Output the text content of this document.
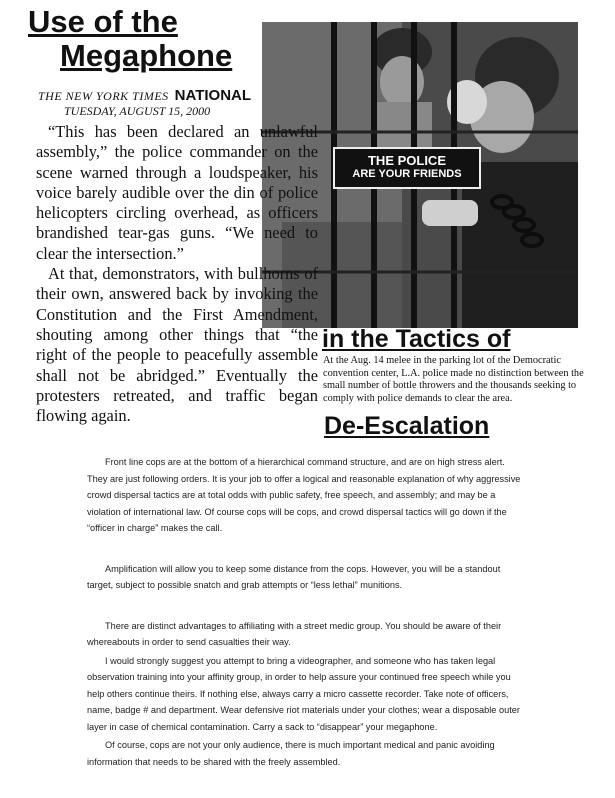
Use of the
Megaphone
THE POLICE
ARE YOUR FRIENDS
THE NEW YORK TIMES NATIONAL
TUESDAY, AUGUST 15, 2000

“This has been declared an unlawful assembly,” the police commander on the scene warned through a loudspeaker, his voice barely audible over the din of police helicopters circling overhead, as officers brandished tear-gas guns. “We need to clear the intersection.”

At that, demonstrators, with bullhorns of their own, answered back by invoking the Constitution and the First Amendment, shouting among other things that “the right of the people to peacefully assemble shall not be abridged.” Eventually the protesters retreated, and traffic began flowing again.

in the Tactics of
At the Aug. 14 melee in the parking lot of the Democratic convention center, L.A. police made no distinction between the small number of bottle throwers and the thousands seeking to comply with police demands to clear the area.
De-Escalation

Front line cops are at the bottom of a hierarchical command structure, and are on high stress alert. They are just following orders. It is your job to offer a logical and reasonable explanation of why aggressive crowd dispersal tactics are at total odds with public safety, free speech, and assembly; and may be a violation of international law. Of course cops will be cops, and crowd dispersal tactics will go down if the “officer in charge” makes the call.

Amplification will allow you to keep some distance from the cops. However, you will be a standout target, subject to possible snatch and grab attempts or “less lethal” munitions.

There are distinct advantages to affiliating with a street medic group. You should be aware of their whereabouts in order to send casualties their way.

I would strongly suggest you attempt to bring a videographer, and someone who has taken legal observation training into your affinity group, in order to help assure your continued free speech while you help others continue theirs. If nothing else, always carry a micro cassette recorder. Take note of officers, name, badge # and department. Wear defensive riot materials under your clothes; wear a disposable outer layer in case of chemical contamination. Carry a sack to “disappear” your megaphone.

Of course, cops are not your only audience, there is much important medical and panic avoiding information that needs to be shared with the freely assembled.
